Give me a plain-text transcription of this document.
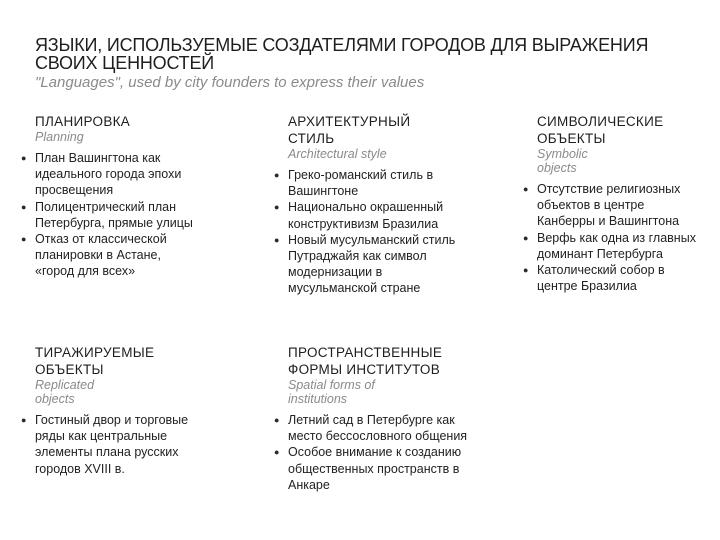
ЯЗЫКИ, ИСПОЛЬЗУЕМЫЕ СОЗДАТЕЛЯМИ ГОРОДОВ ДЛЯ ВЫРАЖЕНИЯ СВОИХ ЦЕННОСТЕЙ
"Languages", used by city founders to express their values
ПЛАНИРОВКА
Planning
● План Вашингтона как идеального города эпохи просвещения
● Полицентрический план Петербурга, прямые улицы
● Отказ от классической планировки в Астане, «город для всех»
АРХИТЕКТУРНЫЙ СТИЛЬ
Architectural style
● Греко-романский стиль в Вашингтоне
● Национально окрашенный конструктивизм Бразилиа
● Новый мусульманский стиль Путраджайя как символ модернизации в мусульманской стране
СИМВОЛИЧЕСКИЕ ОБЪЕКТЫ
Symbolic objects
● Отсутствие религиозных объектов в центре Канберры и Вашингтона
● Верфь как одна из главных доминант Петербурга
● Католический собор в центре Бразилиа
ТИРАЖИРУЕМЫЕ ОБЪЕКТЫ
Replicated objects
● Гостиный двор и торговые ряды как центральные элементы плана русских городов XVIII в.
ПРОСТРАНСТВЕННЫЕ ФОРМЫ ИНСТИТУТОВ
Spatial forms of institutions
● Летний сад в Петербурге как место бессословного общения
● Особое внимание к созданию общественных пространств в Анкаре
